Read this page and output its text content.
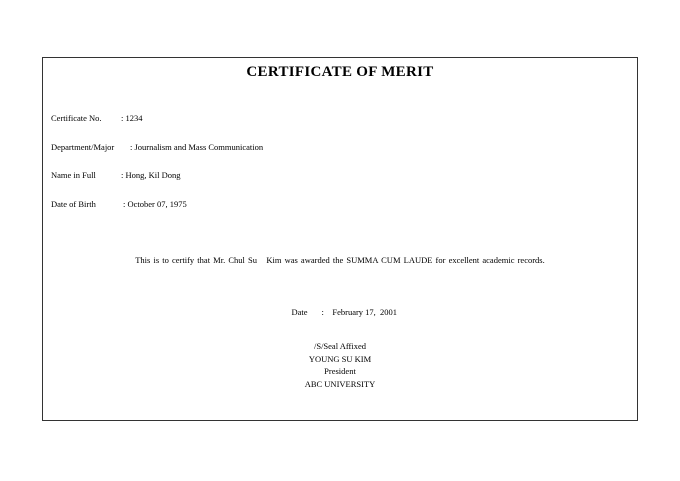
CERTIFICATE OF MERIT
Certificate No. : 1234
Department/Major : Journalism and Mass Communication
Name in Full	: Hong, Kil Dong
Date of Birth	: October 07, 1975
This is to certify that Mr. Chul Su   Kim was awarded the SUMMA CUM LAUDE for excellent academic records.

Date :    February 17,  2001

/S/Seal Affixed
YOUNG SU KIM
President
ABC UNIVERSITY
